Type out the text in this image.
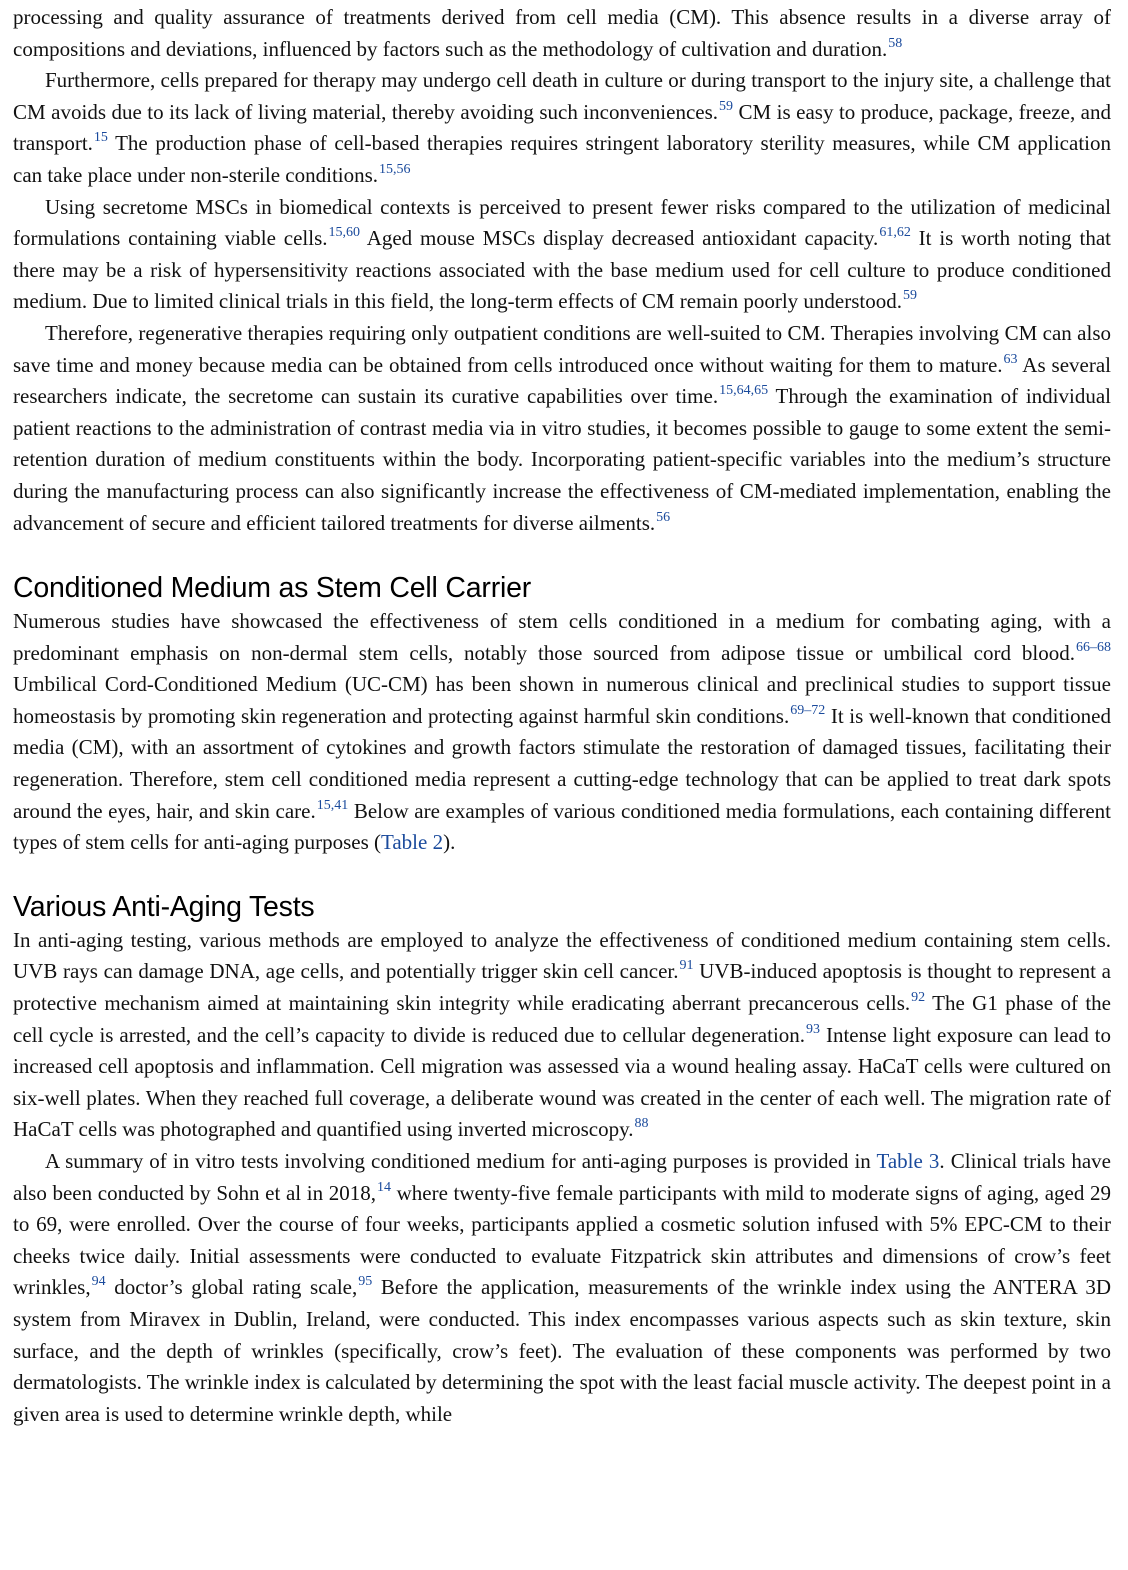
processing and quality assurance of treatments derived from cell media (CM). This absence results in a diverse array of compositions and deviations, influenced by factors such as the methodology of cultivation and duration.$^{58}$

Furthermore, cells prepared for therapy may undergo cell death in culture or during transport to the injury site, a challenge that CM avoids due to its lack of living material, thereby avoiding such inconveniences.$^{59}$ CM is easy to produce, package, freeze, and transport.$^{15}$ The production phase of cell-based therapies requires stringent laboratory sterility measures, while CM application can take place under non-sterile conditions.$^{15,56}$

Using secretome MSCs in biomedical contexts is perceived to present fewer risks compared to the utilization of medicinal formulations containing viable cells.$^{15,60}$ Aged mouse MSCs display decreased antioxidant capacity.$^{61,62}$ It is worth noting that there may be a risk of hypersensitivity reactions associated with the base medium used for cell culture to produce conditioned medium. Due to limited clinical trials in this field, the long-term effects of CM remain poorly understood.$^{59}$

Therefore, regenerative therapies requiring only outpatient conditions are well-suited to CM. Therapies involving CM can also save time and money because media can be obtained from cells introduced once without waiting for them to mature.$^{63}$ As several researchers indicate, the secretome can sustain its curative capabilities over time.$^{15,64,65}$ Through the examination of individual patient reactions to the administration of contrast media via in vitro studies, it becomes possible to gauge to some extent the semi-retention duration of medium constituents within the body. Incorporating patient-specific variables into the medium’s structure during the manufacturing process can also significantly increase the effectiveness of CM-mediated implementation, enabling the advancement of secure and efficient tailored treatments for diverse ailments.$^{56}$

Conditioned Medium as Stem Cell Carrier

Numerous studies have showcased the effectiveness of stem cells conditioned in a medium for combating aging, with a predominant emphasis on non-dermal stem cells, notably those sourced from adipose tissue or umbilical cord blood.$^{66-68}$ Umbilical Cord-Conditioned Medium (UC-CM) has been shown in numerous clinical and preclinical studies to support tissue homeostasis by promoting skin regeneration and protecting against harmful skin conditions.$^{69-72}$ It is well-known that conditioned media (CM), with an assortment of cytokines and growth factors stimulate the restoration of damaged tissues, facilitating their regeneration. Therefore, stem cell conditioned media represent a cutting-edge technology that can be applied to treat dark spots around the eyes, hair, and skin care.$^{15,41}$ Below are examples of various conditioned media formulations, each containing different types of stem cells for anti-aging purposes (Table 2).

Various Anti-Aging Tests

In anti-aging testing, various methods are employed to analyze the effectiveness of conditioned medium containing stem cells. UVB rays can damage DNA, age cells, and potentially trigger skin cell cancer.$^{91}$ UVB-induced apoptosis is thought to represent a protective mechanism aimed at maintaining skin integrity while eradicating aberrant precancerous cells.$^{92}$ The G1 phase of the cell cycle is arrested, and the cell’s capacity to divide is reduced due to cellular degeneration.$^{93}$ Intense light exposure can lead to increased cell apoptosis and inflammation. Cell migration was assessed via a wound healing assay. HaCaT cells were cultured on six-well plates. When they reached full coverage, a deliberate wound was created in the center of each well. The migration rate of HaCaT cells was photographed and quantified using inverted microscopy.$^{88}$

A summary of in vitro tests involving conditioned medium for anti-aging purposes is provided in Table 3. Clinical trials have also been conducted by Sohn et al in 2018,14 where twenty-five female participants with mild to moderate signs of aging, aged 29 to 69, were enrolled. Over the course of four weeks, participants applied a cosmetic solution infused with 5% EPC-CM to their cheeks twice daily. Initial assessments were conducted to evaluate Fitzpatrick skin attributes and dimensions of crow’s feet wrinkles,$^{94}$ doctor’s global rating scale,$^{95}$ Before the application, measurements of the wrinkle index using the ANTERA 3D system from Miravex in Dublin, Ireland, were conducted. This index encompasses various aspects such as skin texture, skin surface, and the depth of wrinkles (specifically, crow’s feet). The evaluation of these components was performed by two dermatologists. The wrinkle index is calculated by determining the spot with the least facial muscle activity. The deepest point in a given area is used to determine wrinkle depth, while
